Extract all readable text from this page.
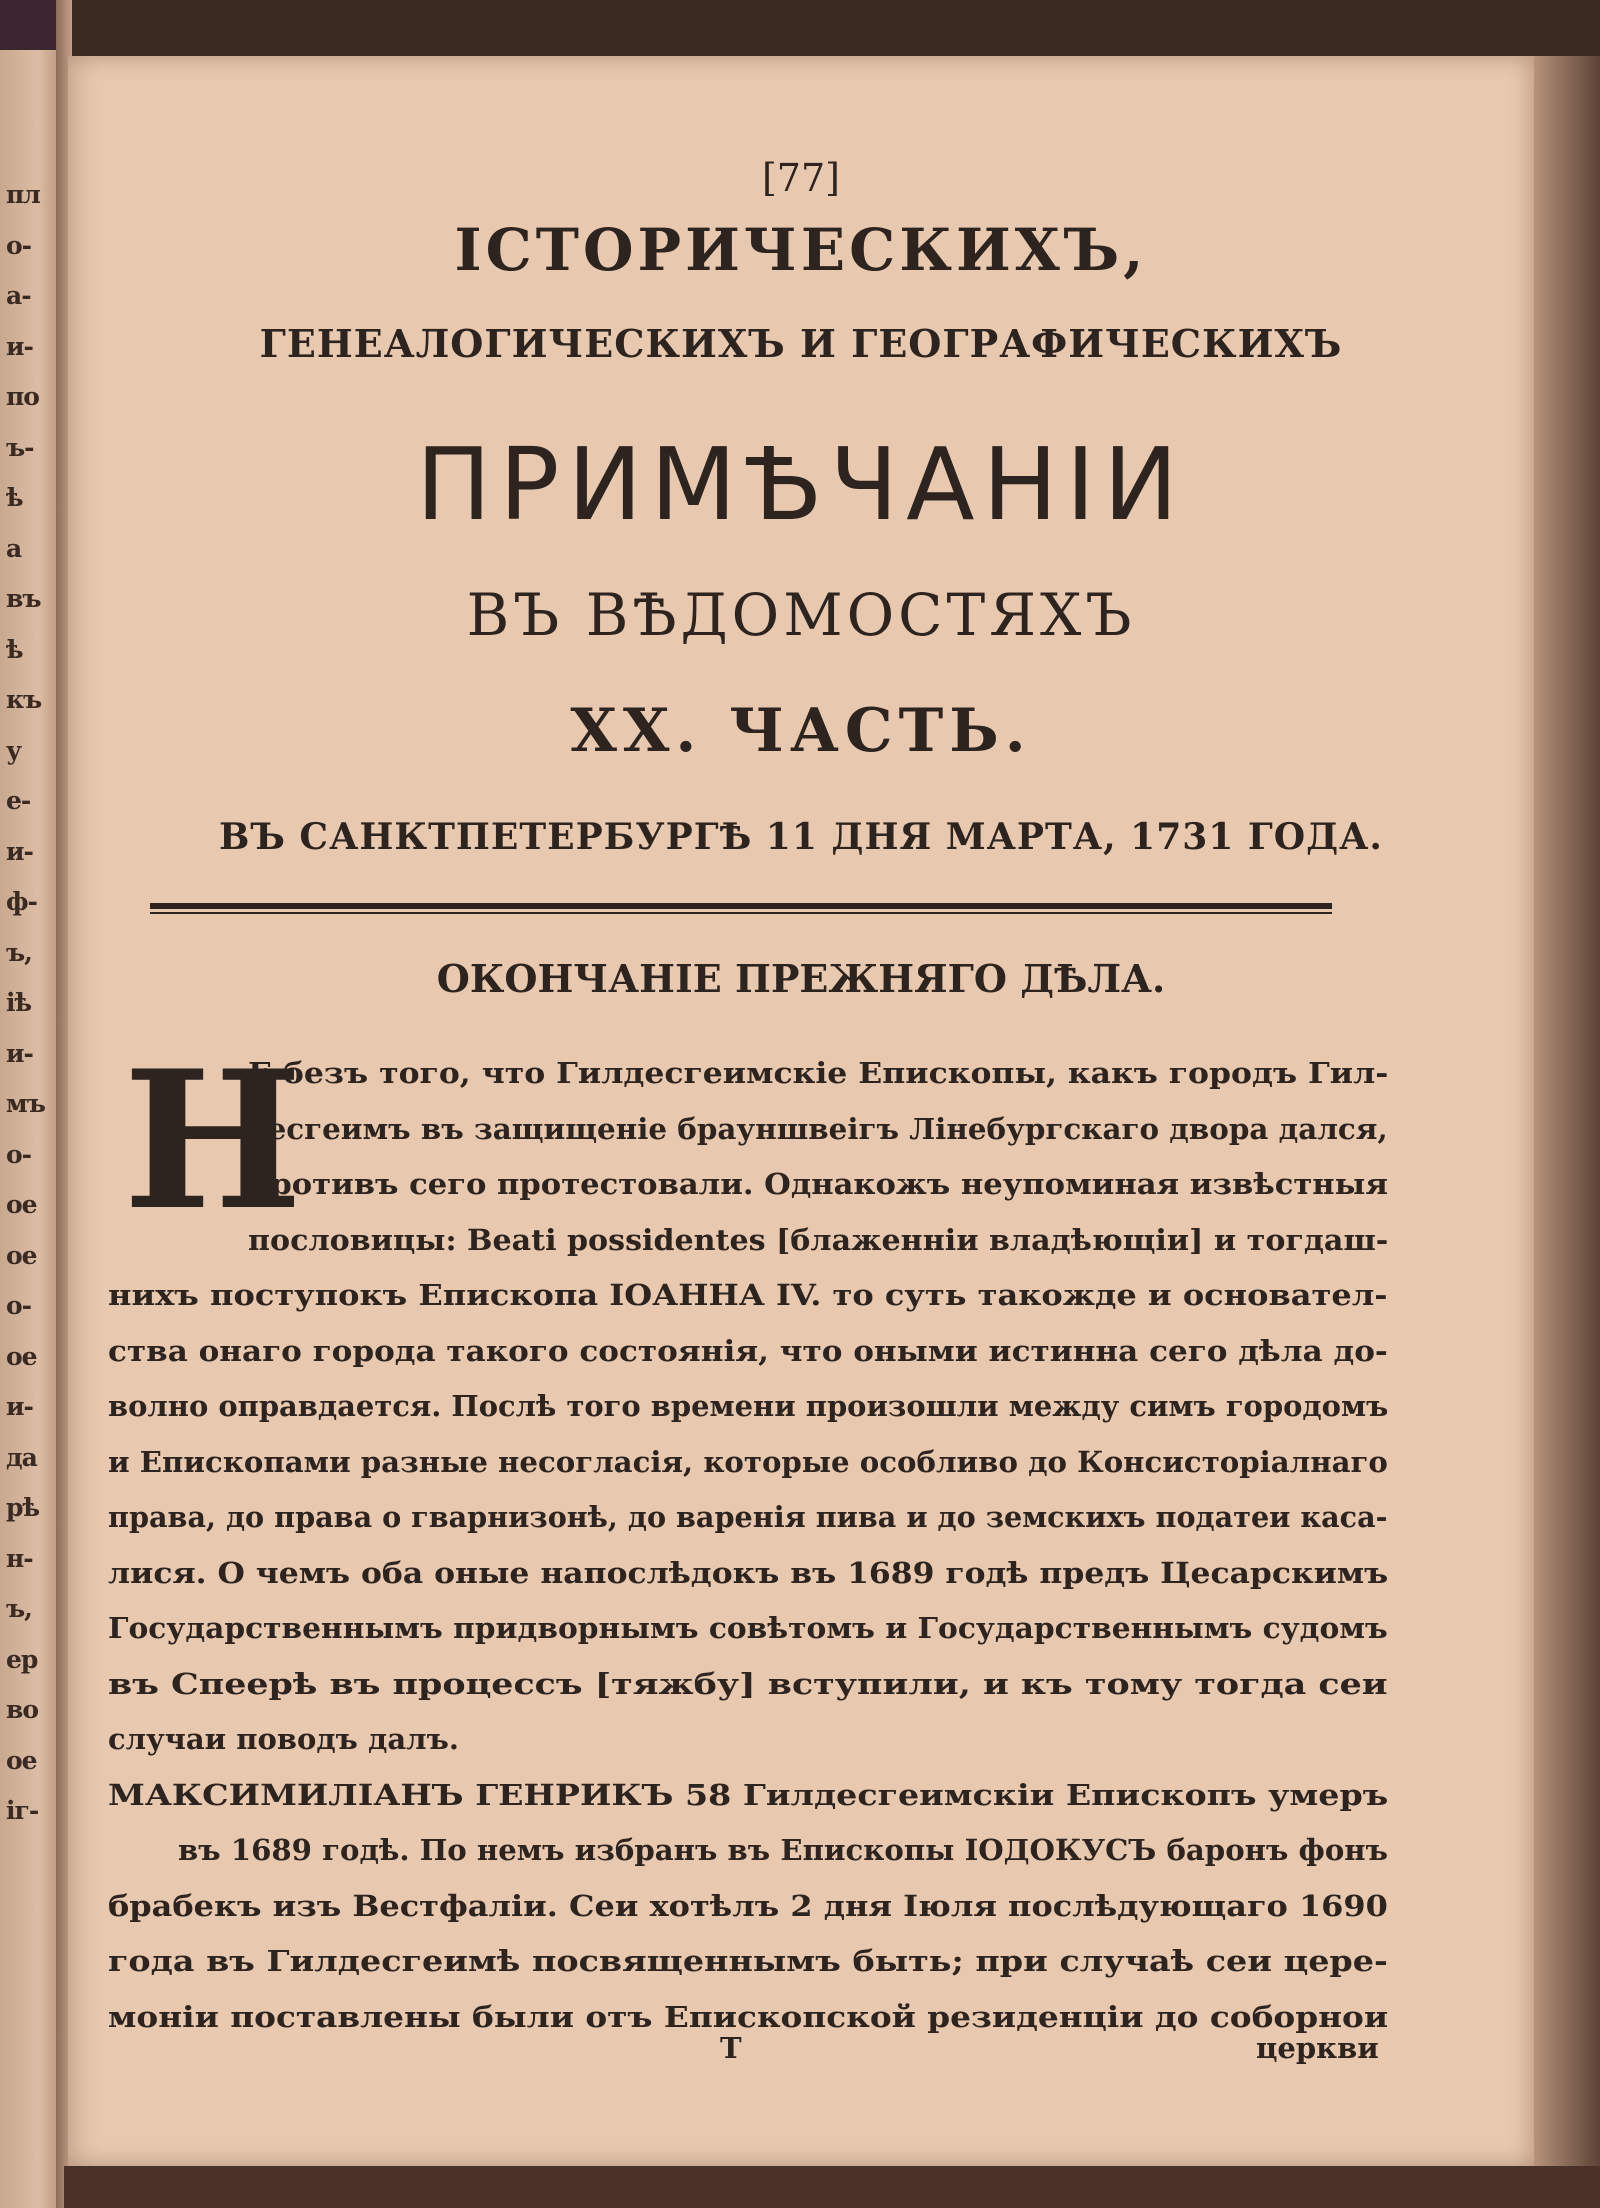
пл
о-
а-
и-
по
ъ-
ѣ
а
въ
ѣ
къ
у
е-
и-
ф-
ъ,
іѣ
и-
мъ
о-
ое
ое
о-
ое
и-
да
рѣ
н-
ъ,
ер
во
ое
іг-
[77]
ІСТОРИЧЕСКИХЪ,
ГЕНЕАЛОГИЧЕСКИХЪ И ГЕОГРАФИЧЕСКИХЪ
ПРИМѢЧАНІИ
ВЪ ВѢДОМОСТЯХЪ
XX. ЧАСТЬ.
ВЪ САНКТПЕТЕРБУРГѢ 11 ДНЯ МАРТА, 1731 ГОДА.
ОКОНЧАНІЕ ПРЕЖНЯГО ДѢЛА.
Н
Е безъ того, что Гилдесгеимскіе Епископы, какъ городъ Гил-
десгеимъ въ защищеніе брауншвеігъ Лінебургскаго двора дался,
противъ сего протестовали. Однакожъ неупоминая извѣстныя
пословицы: Beati possidentes [блаженніи владѣющіи] и тогдаш-
нихъ поступокъ Епископа ІОАННА IV. то суть такожде и основател-
ства онаго города такого состоянія, что оными истинна сего дѣла до-
волно оправдается. Послѣ того времени произошли между симъ городомъ
и Епископами разные несогласія, которые особливо до Консисторіалнаго
права, до права о гварнизонѣ, до варенія пива и до земскихъ податеи каса-
лися. О чемъ оба оные напослѣдокъ въ 1689 годѣ предъ Цесарскимъ
Государственнымъ придворнымъ совѣтомъ и Государственнымъ судомъ
въ Спеерѣ въ процессъ [тяжбу] вступили, и къ тому тогда сеи
случаи поводъ далъ.
МАКСИМИЛІАНЪ ГЕНРИКЪ 58 Гилдесгеимскіи Епископъ умеръ
въ 1689 годѣ. По немъ избранъ въ Епископы ІОДОКУСЪ баронъ фонъ
брабекъ изъ Вестфаліи. Сеи хотѣлъ 2 дня Іюля послѣдующаго 1690
года въ Гилдесгеимѣ посвященнымъ быть; при случаѣ сеи цере-
моніи поставлены были отъ Епископской резиденціи до соборнои
T	церкви
